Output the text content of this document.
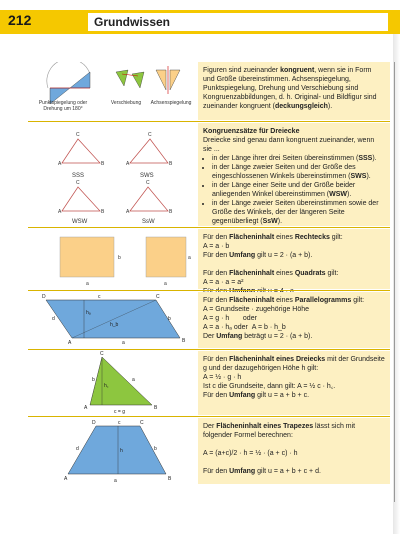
212	Grundwissen
Punktspiegelung oder Drehung um 180°
Verschiebung	Achsenspiegelung
Figuren sind zueinander kongruent, wenn sie in Form und Größe übereinstimmen. Achsenspiegelung, Punktspiegelung, Drehung und Verschiebung sind Kongruenzabbildungen, d. h. Original- und Bildfigur sind zueinander kongruent (deckungsgleich).
A	B
C
A	B
C
A	B
C
A	B
C
SSS	SWS
WSW	SsW
Kongruenzsätze für Dreiecke
Dreiecke sind genau dann kongruent zueinander, wenn sie ...
• in der Länge ihrer drei Seiten übereinstimmen (SSS).
• in der Länge zweier Seiten und der Größe des eingeschlossenen Winkels übereinstimmen (SWS).
• in der Länge einer Seite und der Größe beider anliegenden Winkel übereinstimmen (WSW).
• in der Länge zweier Seiten übereinstimmen sowie der Größe des Winkels, der der längeren Seite gegenüberliegt (SsW).
a
b
a
a
Für den Flächeninhalt eines Rechtecks gilt:
A = a · b
Für den Umfang gilt u = 2 · (a + b).

Für den Flächeninhalt eines Quadrats gilt:
A = a · a = a²

D	C
B
A
c
a
d	b
hₐ
h_b
Für den Flächeninhalt eines Parallelogramms gilt:
A = Grundseite · zugehörige Höhe
A = g · h oder
A = a · hₐ oder A = b · h_b
Der Umfang beträgt u = 2 · (a + b).
C
A	B
b	a
h꜀
c = g
Für den Flächeninhalt eines Dreiecks mit der Grundseite g und der dazugehörigen Höhe h gilt:
A = ½ · g · h
Ist c die Grundseite, dann gilt: A = ½ c · h꜀.
Für den Umfang gilt u = a + b + c.
D	C
A	B
c
a
d	b
h
Der Flächeninhalt eines Trapezes lässt sich mit folgender Formel berechnen:

A = (a+c)/2 · h = ½ · (a + c) · h

Für den Umfang gilt u = a + b + c + d.
